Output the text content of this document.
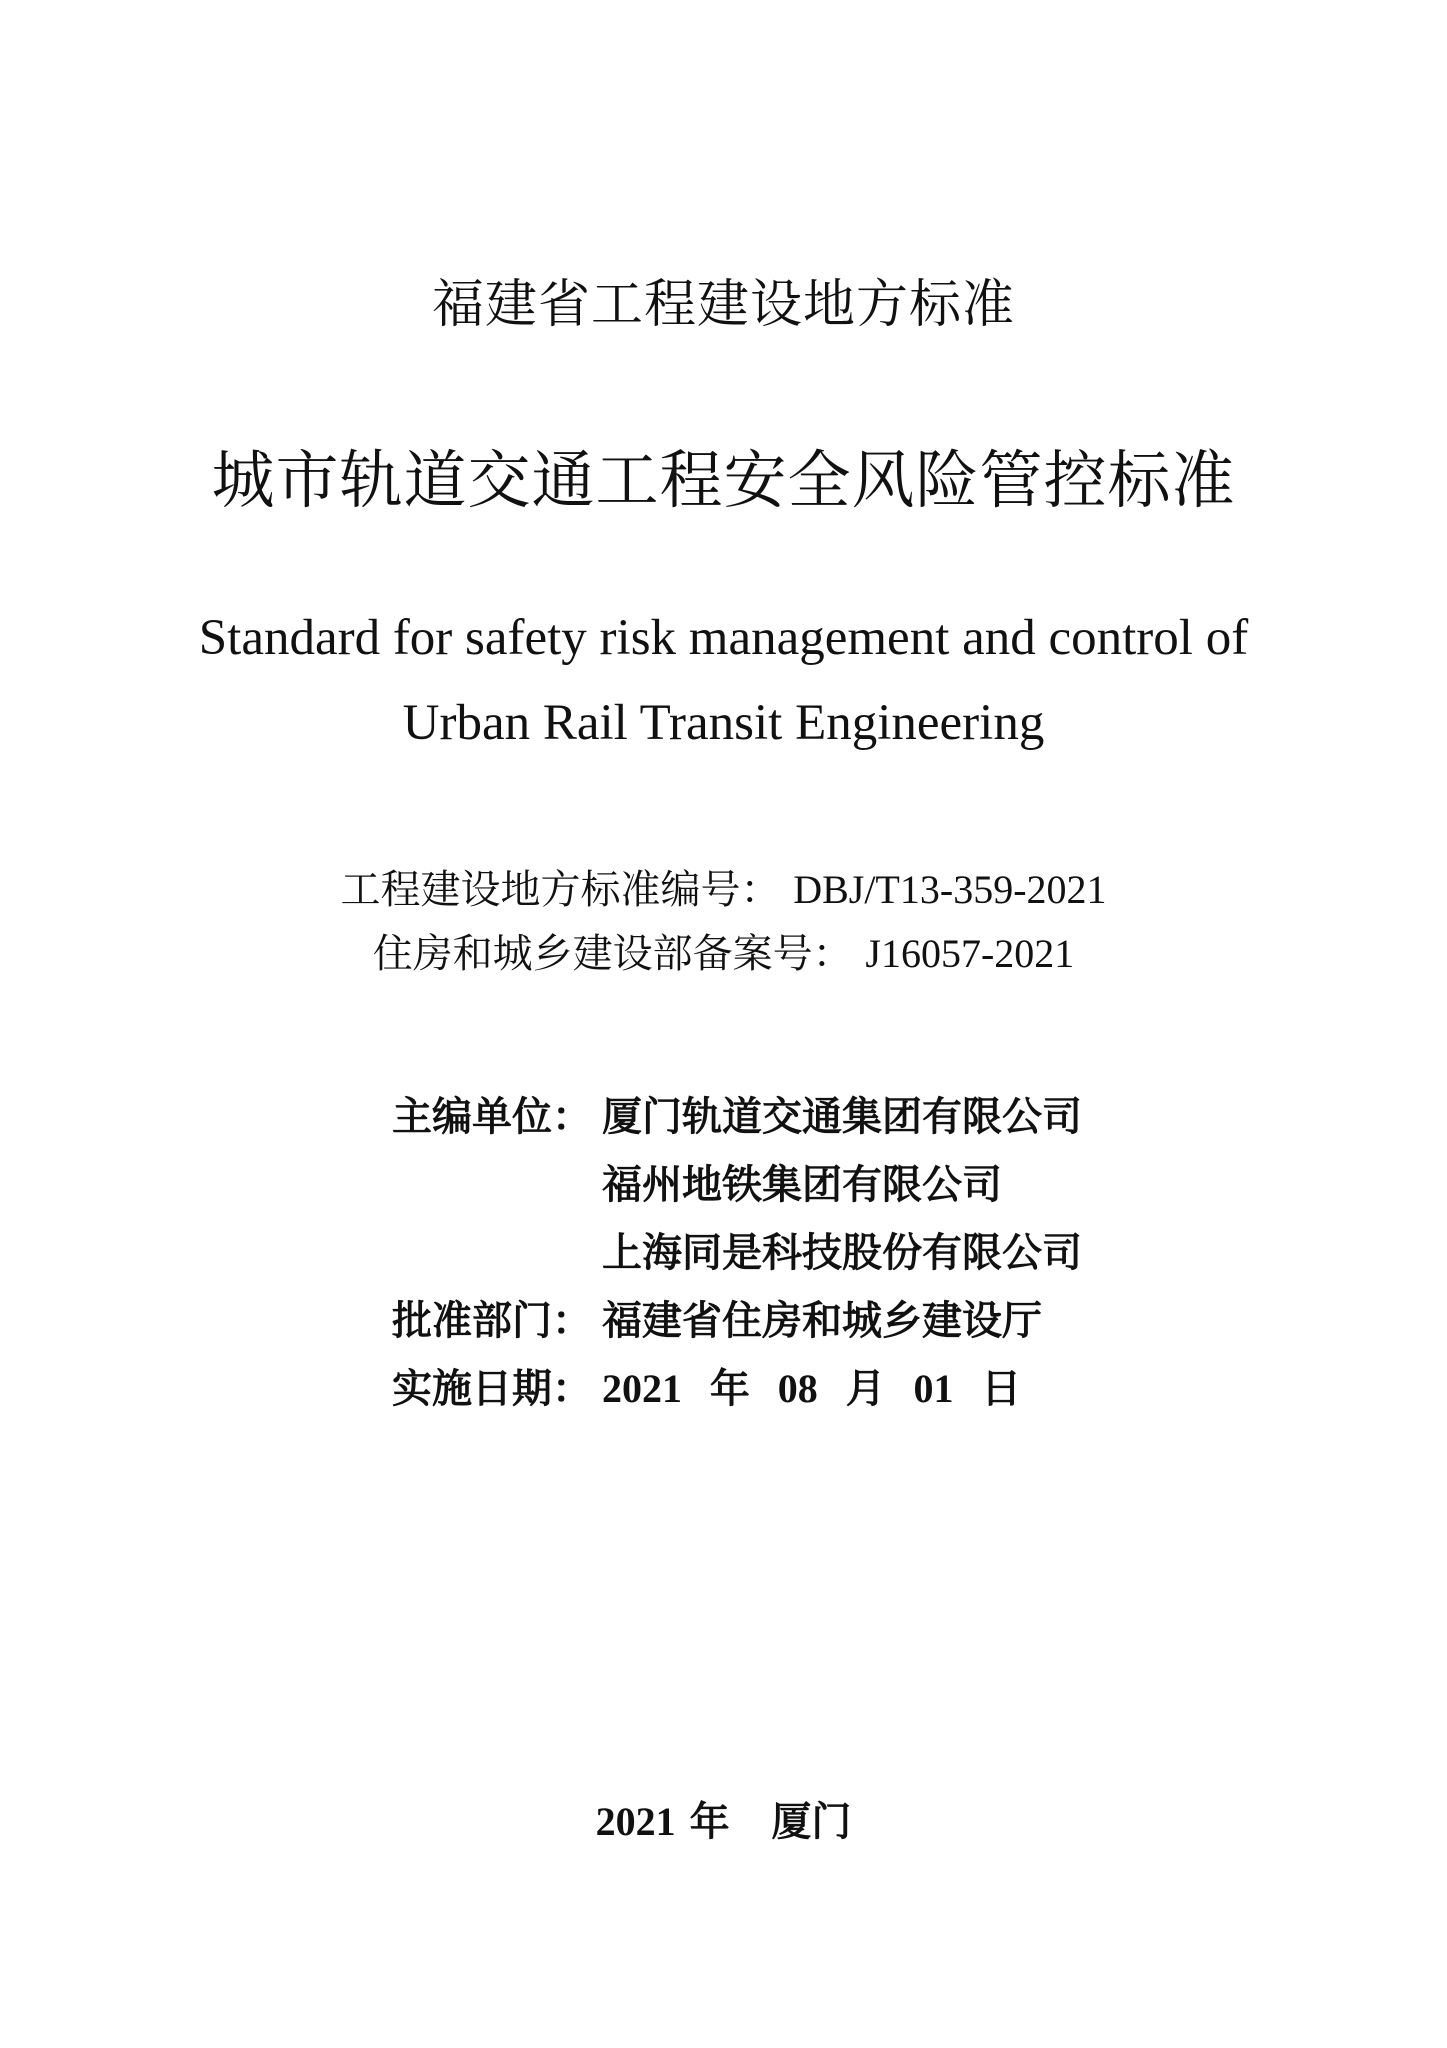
福建省工程建设地方标准
城市轨道交通工程安全风险管控标准
Standard for safety risk management and control of
Urban Rail Transit Engineering
工程建设地方标准编号： DBJ/T13-359-2021
住房和城乡建设部备案号： J16057-2021
主编单位： 厦门轨道交通集团有限公司
福州地铁集团有限公司
上海同是科技股份有限公司
批准部门： 福建省住房和城乡建设厅
实施日期： 2021 年 08 月 01 日
2021 年 厦门
